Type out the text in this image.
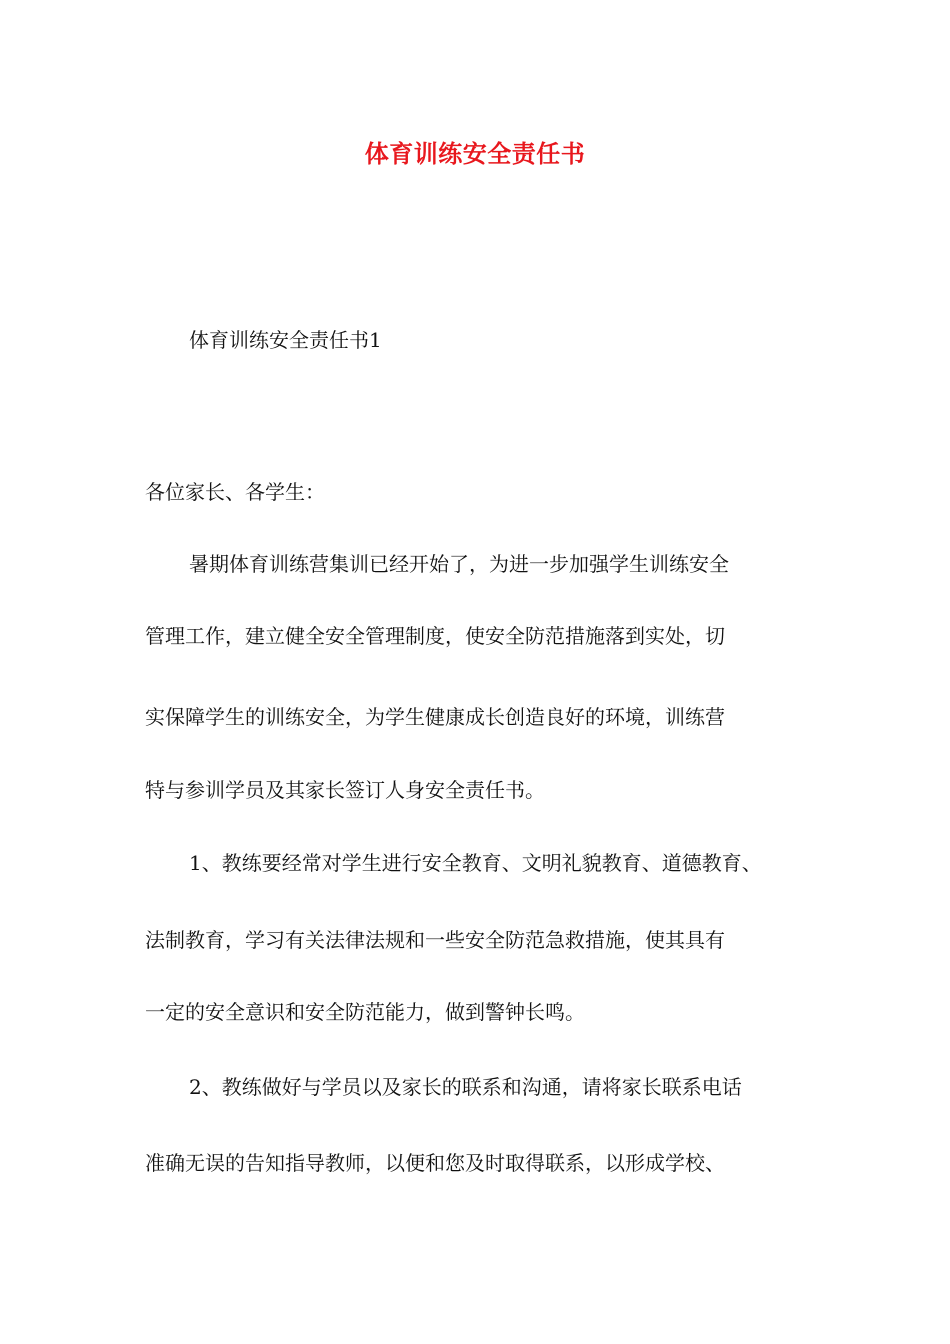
体育训练安全责任书
体育训练安全责任书1
各位家长、各学生：
暑期体育训练营集训已经开始了，为进一步加强学生训练安全
管理工作，建立健全安全管理制度，使安全防范措施落到实处，切
实保障学生的训练安全，为学生健康成长创造良好的环境，训练营
特与参训学员及其家长签订人身安全责任书。
1、教练要经常对学生进行安全教育、文明礼貌教育、道德教育、
法制教育，学习有关法律法规和一些安全防范急救措施，使其具有
一定的安全意识和安全防范能力，做到警钟长鸣。
2、教练做好与学员以及家长的联系和沟通，请将家长联系电话
准确无误的告知指导教师，以便和您及时取得联系，以形成学校、
